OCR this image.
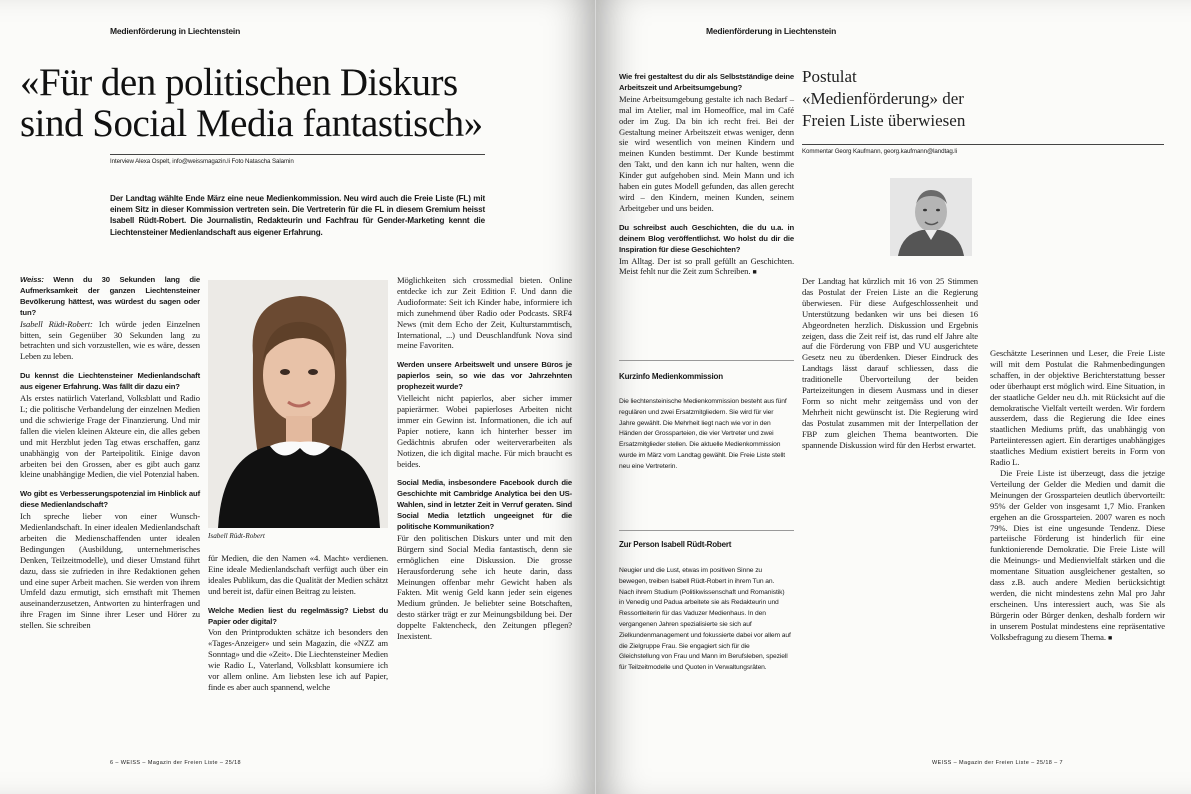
Medienförderung in Liechtenstein
«Für den politischen Diskurs
sind Social Media fantastisch»
Interview Alexa Ospelt, info@weissmagazin.li Foto Natascha Salamin
Der Landtag wählte Ende März eine neue Medienkommission. Neu wird auch die Freie Liste (FL) mit einem Sitz in dieser Kommission vertreten sein. Die Vertreterin für die FL in diesem Gremium heisst Isabell Rüdt-Robert. Die Journalistin, Redakteurin und Fachfrau für Gender-Marketing kennt die Liechtensteiner Medienlandschaft aus eigener Erfahrung.
Weiss: Wenn du 30 Sekunden lang die Aufmerksamkeit der ganzen Liechtensteiner Bevölkerung hättest, was würdest du sagen oder tun?
Isabell Rüdt-Robert: Ich würde jeden Einzelnen bitten, sein Gegenüber 30 Sekunden lang zu betrachten und sich vorzustellen, wie es wäre, dessen Leben zu leben.
Du kennst die Liechtensteiner Medienlandschaft aus eigener Erfahrung. Was fällt dir dazu ein?
Als erstes natürlich Vaterland, Volksblatt und Radio L; die politische Verbandelung der einzelnen Medien und die schwierige Frage der Finanzierung. Und mir fallen die vielen kleinen Akteure ein, die alles geben und mit Herzblut jeden Tag etwas erschaffen, ganz unabhängig von der Parteipolitik. Einige davon arbeiten bei den Grossen, aber es gibt auch ganz kleine unabhängige Medien, die viel Potenzial haben.
Wo gibt es Verbesserungspotenzial im Hinblick auf diese Medienlandschaft?
Ich spreche lieber von einer Wunsch-Medienlandschaft. In einer idealen Medienlandschaft arbeiten die Medienschaffenden unter idealen Bedingungen (Ausbildung, unternehmerisches Denken, Teilzeitmodelle), und dieser Umstand führt dazu, dass sie zufrieden in ihre Redaktionen gehen und eine super Arbeit machen. Sie werden von ihrem Umfeld dazu ermutigt, sich ernsthaft mit Themen auseinanderzusetzen, Antworten zu hinterfragen und ihre Fragen im Sinne ihrer Leser und Hörer zu stellen. Sie schreiben
Isabell Rüdt-Robert
für Medien, die den Namen «4. Macht» verdienen. Eine ideale Medienlandschaft verfügt auch über ein ideales Publikum, das die Qualität der Medien schätzt und bereit ist, dafür einen Beitrag zu leisten.
Welche Medien liest du regelmässig? Liebst du Papier oder digital?
Von den Printprodukten schätze ich besonders den «Tages-Anzeiger» und sein Magazin, die «NZZ am Sonntag» und die «Zeit». Die Liechtensteiner Medien wie Radio L, Vaterland, Volksblatt konsumiere ich vor allem online. Am liebsten lese ich auf Papier, finde es aber auch spannend, welche
Möglichkeiten sich crossmedial bieten. Online entdecke ich zur Zeit Edition F. Und dann die Audioformate: Seit ich Kinder habe, informiere ich mich zunehmend über Radio oder Podcasts. SRF4 News (mit dem Echo der Zeit, Kulturstammtisch, International, ...) und Deuschlandfunk Nova sind meine Favoriten.
Werden unsere Arbeitswelt und unsere Büros je papierlos sein, so wie das vor Jahrzehnten prophezeit wurde?
Vielleicht nicht papierlos, aber sicher immer papierärmer. Wobei papierloses Arbeiten nicht immer ein Gewinn ist. Informationen, die ich auf Papier notiere, kann ich hinterher besser im Gedächtnis abrufen oder weiterverarbeiten als Notizen, die ich digital mache. Für mich braucht es beides.
Social Media, insbesondere Facebook durch die Geschichte mit Cambridge Analytica bei den US-Wahlen, sind in letzter Zeit in Verruf geraten. Sind Social Media letztlich ungeeignet für die politische Kommunikation?
Für den politischen Diskurs unter und mit den Bürgern sind Social Media fantastisch, denn sie ermöglichen eine Diskussion. Die grosse Herausforderung sehe ich heute darin, dass Meinungen offenbar mehr Gewicht haben als Fakten. Mit wenig Geld kann jeder sein eigenes Medium gründen. Je beliebter seine Botschaften, desto stärker trägt er zur Meinungsbildung bei. Der doppelte Faktencheck, den Zeitungen pflegen? Inexistent.
6 – WEISS – Magazin der Freien Liste – 25/18
Medienförderung in Liechtenstein
Wie frei gestaltest du dir als Selbstständige deine Arbeitszeit und Arbeitsumgebung?
Meine Arbeitsumgebung gestalte ich nach Bedarf – mal im Atelier, mal im Homeoffice, mal im Café oder im Zug. Da bin ich recht frei. Bei der Gestaltung meiner Arbeitszeit etwas weniger, denn sie wird wesentlich von meinen Kindern und meinen Kunden bestimmt. Der Kunde bestimmt den Takt, und den kann ich nur halten, wenn die Kinder gut aufgehoben sind. Mein Mann und ich haben ein gutes Modell gefunden, das allen gerecht wird – den Kindern, meinen Kunden, seinem Arbeitgeber und uns beiden.
Du schreibst auch Geschichten, die du u.a. in deinem Blog veröffentlichst. Wo holst du dir die Inspiration für diese Geschichten?
Im Alltag. Der ist so prall gefüllt an Geschichten. Meist fehlt nur die Zeit zum Schreiben. ■
Kurzinfo Medienkommission
Die liechtensteinische Medienkommission besteht aus fünf regulären und zwei Ersatzmitgliedern. Sie wird für vier Jahre gewählt. Die Mehrheit liegt nach wie vor in den Händen der Grossparteien, die vier Vertreter und zwei Ersatzmitglieder stellen. Die aktuelle Medienkommission wurde im März vom Landtag gewählt. Die Freie Liste stellt neu eine Vertreterin.
Zur Person Isabell Rüdt-Robert
Neugier und die Lust, etwas im positiven Sinne zu bewegen, treiben Isabell Rüdt-Robert in ihrem Tun an. Nach ihrem Studium (Politikwissenschaft und Romanistik) in Venedig und Padua arbeitete sie als Redakteurin und Ressortleiterin für das Vaduzer Medienhaus. In den vergangenen Jahren spezialisierte sie sich auf Zielkundenmanagement und fokussierte dabei vor allem auf die Zielgruppe Frau. Sie engagiert sich für die Gleichstellung von Frau und Mann im Berufsleben, speziell für Teilzeitmodelle und Quoten in Verwaltungsräten.
Postulat «Medienförderung» der Freien Liste überwiesen
Kommentar Georg Kaufmann, georg.kaufmann@landtag.li
Der Landtag hat kürzlich mit 16 von 25 Stimmen das Postulat der Freien Liste an die Regierung überwiesen. Für diese Aufgeschlossenheit und Unterstützung bedanken wir uns bei diesen 16 Abgeordneten herzlich. Diskussion und Ergebnis zeigen, dass die Zeit reif ist, das rund elf Jahre alte auf die Förderung von FBP und VU ausgerichtete Gesetz neu zu überdenken. Dieser Eindruck des Landtags lässt darauf schliessen, dass die traditionelle Übervorteilung der beiden Parteizeitungen in diesem Ausmass und in dieser Form so nicht mehr zeitgemäss und von der Mehrheit nicht gewünscht ist. Die Regierung wird das Postulat zusammen mit der Interpellation der FBP zum gleichen Thema beantworten. Die spannende Diskussion wird für den Herbst erwartet.
Geschätzte Leserinnen und Leser, die Freie Liste will mit dem Postulat die Rahmenbedingungen schaffen, in der objektive Berichterstattung besser oder überhaupt erst möglich wird. Eine Situation, in der staatliche Gelder neu d.h. mit Rücksicht auf die demokratische Vielfalt verteilt werden. Wir fordern ausserdem, dass die Regierung die Idee eines staatlichen Mediums prüft, das unabhängig von Parteiinteressen agiert. Ein derartiges unabhängiges staatliches Medium existiert bereits in Form von Radio L.
Die Freie Liste ist überzeugt, dass die jetzige Verteilung der Gelder die Medien und damit die Meinungen der Grossparteien deutlich übervorteilt: 95% der Gelder von insgesamt 1,7 Mio. Franken ergehen an die Grossparteien. 2007 waren es noch 79%. Dies ist eine ungesunde Tendenz. Diese parteiische Förderung ist hinderlich für eine funktionierende Demokratie. Die Freie Liste will die Meinungs- und Medienvielfalt stärken und die momentane Situation ausgleichener gestalten, so dass z.B. auch andere Medien berücksichtigt werden, die nicht mindestens zehn Mal pro Jahr erscheinen. Uns interessiert auch, was Sie als Bürgerin oder Bürger denken, deshalb fordern wir in unserem Postulat mindestens eine repräsentative Volksbefragung zu diesem Thema. ■
WEISS – Magazin der Freien Liste – 25/18 – 7
